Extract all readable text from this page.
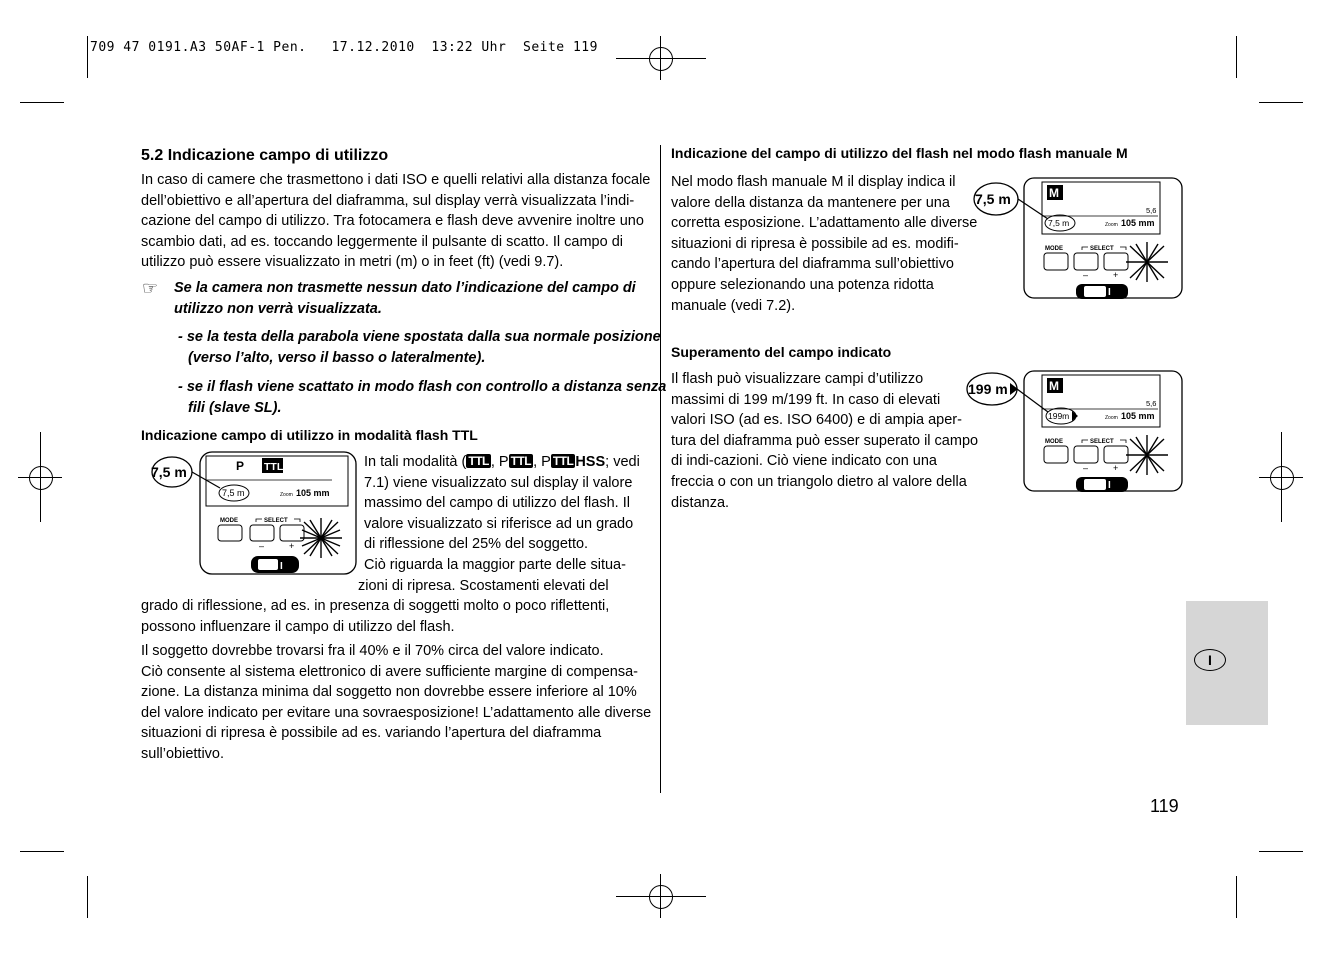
709 47 0191.A3 50AF-1 Pen.   17.12.2010  13:22 Uhr  Seite 119
5.2 Indicazione campo di utilizzo
In caso di camere che trasmettono i dati ISO e quelli relativi alla distanza focale
dell’obiettivo e all’apertura del diaframma, sul display verrà visualizzata l’indi-
cazione del campo di utilizzo. Tra fotocamera e flash deve avvenire inoltre uno
scambio dati, ad es. toccando leggermente il pulsante di scatto. Il campo di
utilizzo può essere visualizzato in metri (m) o in feet (ft) (vedi 9.7).
☞ Se la camera non trasmette nessun dato l’indicazione del campo di
utilizzo non verrà visualizzata.
- se la testa della parabola viene spostata dalla sua normale posizione
(verso l’alto, verso il basso o lateralmente).
- se il flash viene scattato in modo flash con controllo a distanza senza
fili (slave SL).
Indicazione campo di utilizzo in modalità flash TTL
P TTL
7,5 m	Zoom 105 mm
7,5 m
MODE	SELECT
–	+
I
In tali modalità ( TTL , P TTL , P TTL HSS; vedi
7.1) viene visualizzato sul display il valore
massimo del campo di utilizzo del flash. Il
valore visualizzato si riferisce ad un grado
di riflessione del 25% del soggetto.
Ciò riguarda la maggior parte delle situa-
zioni di ripresa. Scostamenti elevati del
grado di riflessione, ad es. in presenza di soggetti molto o poco riflettenti,
possono influenzare il campo di utilizzo del flash.
Il soggetto dovrebbe trovarsi fra il 40% e il 70% circa del valore indicato.
Ciò consente al sistema elettronico di avere sufficiente margine di compensa-
zione. La distanza minima dal soggetto non dovrebbe essere inferiore al 10%
del valore indicato per evitare una sovraesposizione! L’adattamento alle diverse
situazioni di ripresa è possibile ad es. variando l’apertura del diaframma
sull’obiettivo.
Indicazione del campo di utilizzo del flash nel modo flash manuale M
Nel modo flash manuale M il display indica il
valore della distanza da mantenere per una
corretta esposizione. L’adattamento alle diverse
situazioni di ripresa è possibile ad es. modifi-
cando l’apertura del diaframma sull’obiettivo
oppure selezionando una potenza ridotta
manuale (vedi 7.2).
M
5,6
7,5 m	Zoom 105 mm
7,5 m
MODE	SELECT
–	+
I
Superamento del campo indicato
Il flash può visualizzare campi d’utilizzo
massimi di 199 m/199 ft. In caso di elevati
valori ISO (ad es. ISO 6400) e di ampia aper-
tura del diaframma può esser superato il campo
di indi-cazioni. Ciò viene indicato con una
freccia o con un triangolo dietro al valore della
distanza.
M
5,6
199m	Zoom 105 mm
199 m
MODE	SELECT
–	+
I
I
119
